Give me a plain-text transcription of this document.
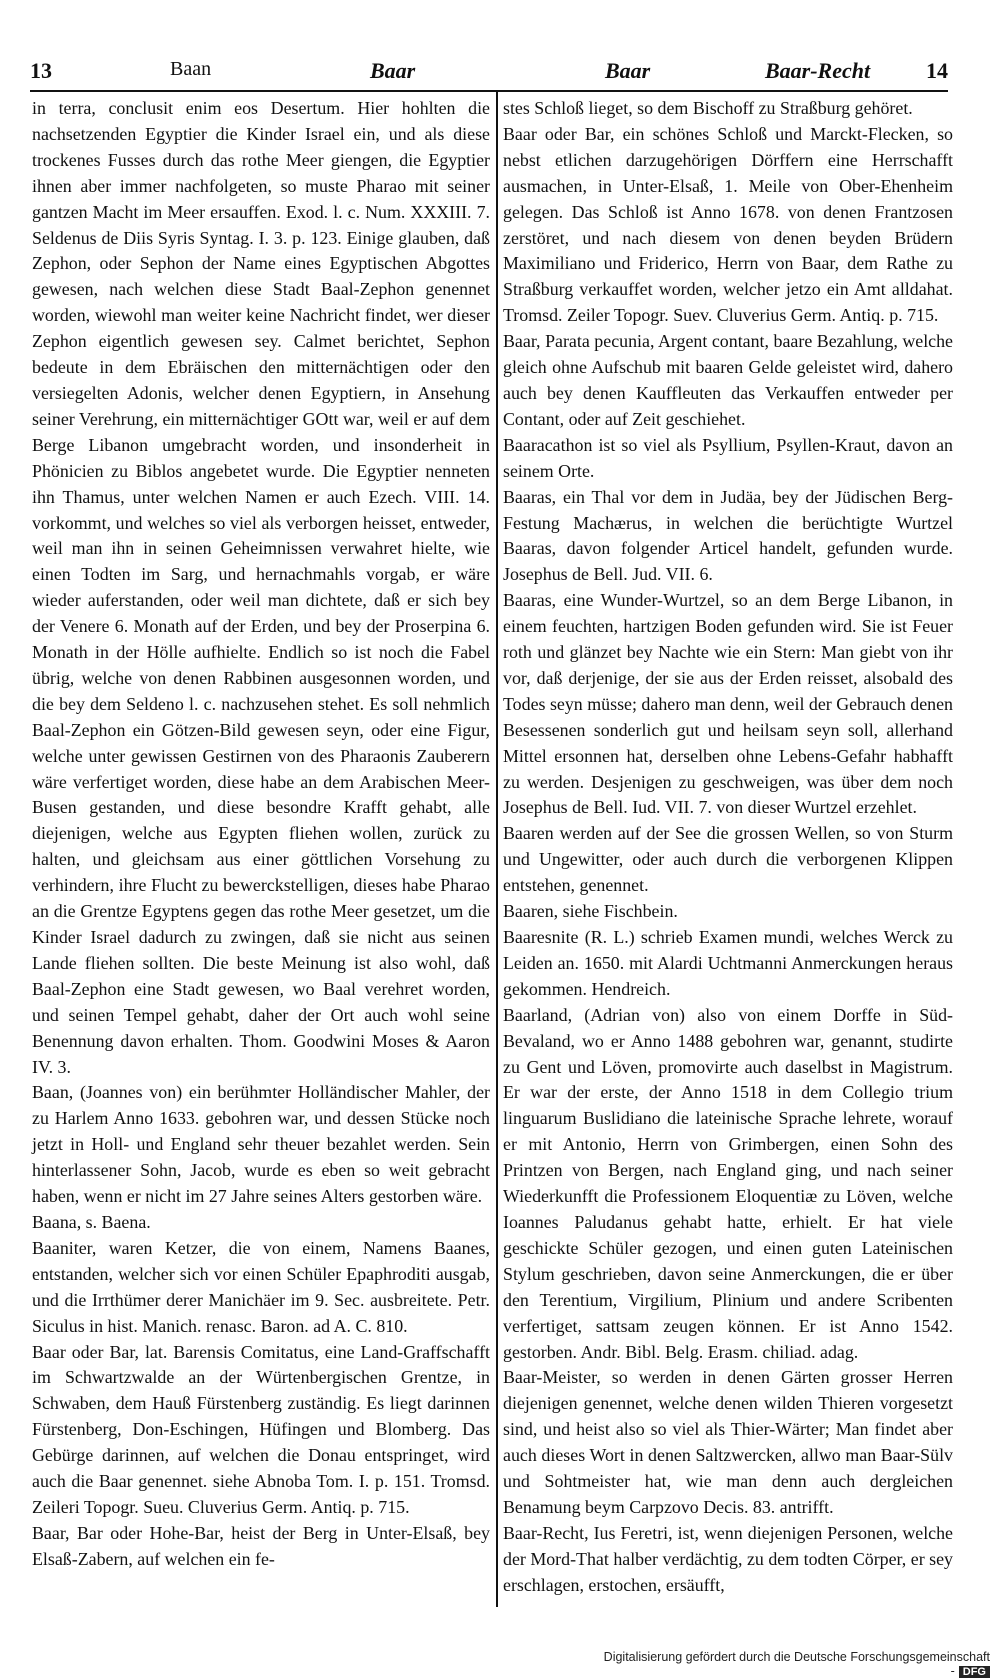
13	Baan	Baar	Baar	Baar-Recht	14

in terra, conclusit enim eos Desertum. Hier hohlten die nachsetzenden Egyptier die Kinder Israel ein, und als diese trockenes Fusses durch das rothe Meer giengen, die Egyptier ihnen aber immer nachfolgeten, so muste Pharao mit seiner gantzen Macht im Meer ersauffen. Exod. l. c. Num. XXXIII. 7. Seldenus de Diis Syris Syntag. I. 3. p. 123. Einige glauben, daß Zephon, oder Sephon der Name eines Egyptischen Abgottes gewesen, nach welchen diese Stadt Baal-Zephon genennet worden, wiewohl man weiter keine Nachricht findet, wer dieser Zephon eigentlich gewesen sey. Calmet berichtet, Sephon bedeute in dem Ebräischen den mitternächtigen oder den versiegelten Adonis, welcher denen Egyptiern, in Ansehung seiner Verehrung, ein mitternächtiger GOtt war, weil er auf dem Berge Libanon umgebracht worden, und insonderheit in Phönicien zu Biblos angebetet wurde. Die Egyptier nenneten ihn Thamus, unter welchen Namen er auch Ezech. VIII. 14. vorkommt, und welches so viel als verborgen heisset, entweder, weil man ihn in seinen Geheimnissen verwahret hielte, wie einen Todten im Sarg, und hernachmahls vorgab, er wäre wieder auferstanden, oder weil man dichtete, daß er sich bey der Venere 6. Monath auf der Erden, und bey der Proserpina 6. Monath in der Hölle aufhielte. Endlich so ist noch die Fabel übrig, welche von denen Rabbinen ausgesonnen worden, und die bey dem Seldeno l. c. nachzusehen stehet. Es soll nehmlich Baal-Zephon ein Götzen-Bild gewesen seyn, oder eine Figur, welche unter gewissen Gestirnen von des Pharaonis Zauberern wäre verfertiget worden, diese habe an dem Arabischen Meer-Busen gestanden, und diese besondre Krafft gehabt, alle diejenigen, welche aus Egypten fliehen wollen, zurück zu halten, und gleichsam aus einer göttlichen Vorsehung zu verhindern, ihre Flucht zu bewerckstelligen, dieses habe Pharao an die Grentze Egyptens gegen das rothe Meer gesetzet, um die Kinder Israel dadurch zu zwingen, daß sie nicht aus seinen Lande fliehen sollten. Die beste Meinung ist also wohl, daß Baal-Zephon eine Stadt gewesen, wo Baal verehret worden, und seinen Tempel gehabt, daher der Ort auch wohl seine Benennung davon erhalten. Thom. Goodwini Moses & Aaron IV. 3.

Baan, (Joannes von) ein berühmter Holländischer Mahler, der zu Harlem Anno 1633. gebohren war, und dessen Stücke noch jetzt in Holl- und England sehr theuer bezahlet werden. Sein hinterlassener Sohn, Jacob, wurde es eben so weit gebracht haben, wenn er nicht im 27 Jahre seines Alters gestorben wäre.

Baana, s. Baena.

Baaniter, waren Ketzer, die von einem, Namens Baanes, entstanden, welcher sich vor einen Schüler Epaphroditi ausgab, und die Irrthümer derer Manichäer im 9. Sec. ausbreitete. Petr. Siculus in hist. Manich. renasc. Baron. ad A. C. 810.

Baar oder Bar, lat. Barensis Comitatus, eine Land-Graffschafft im Schwartzwalde an der Würtenbergischen Grentze, in Schwaben, dem Hauß Fürstenberg zuständig. Es liegt darinnen Fürstenberg, Don-Eschingen, Hüfingen und Blomberg. Das Gebürge darinnen, auf welchen die Donau entspringet, wird auch die Baar genennet. siehe Abnoba Tom. I. p. 151. Tromsd. Zeileri Topogr. Sueu. Cluverius Germ. Antiq. p. 715.

Baar, Bar oder Hohe-Bar, heist der Berg in Unter-Elsaß, bey Elsaß-Zabern, auf welchen ein fe-

stes Schloß lieget, so dem Bischoff zu Straßburg gehöret.

Baar oder Bar, ein schönes Schloß und Marckt-Flecken, so nebst etlichen darzugehörigen Dörffern eine Herrschafft ausmachen, in Unter-Elsaß, 1. Meile von Ober-Ehenheim gelegen. Das Schloß ist Anno 1678. von denen Frantzosen zerstöret, und nach diesem von denen beyden Brüdern Maximiliano und Friderico, Herrn von Baar, dem Rathe zu Straßburg verkauffet worden, welcher jetzo ein Amt alldahat. Tromsd. Zeiler Topogr. Suev. Cluverius Germ. Antiq. p. 715.

Baar, Parata pecunia, Argent contant, baare Bezahlung, welche gleich ohne Aufschub mit baaren Gelde geleistet wird, dahero auch bey denen Kauffleuten das Verkauffen entweder per Contant, oder auf Zeit geschiehet.

Baaracathon ist so viel als Psyllium, Psyllen-Kraut, davon an seinem Orte.

Baaras, ein Thal vor dem in Judäa, bey der Jüdischen Berg-Festung Machærus, in welchen die berüchtigte Wurtzel Baaras, davon folgender Articel handelt, gefunden wurde. Josephus de Bell. Jud. VII. 6.

Baaras, eine Wunder-Wurtzel, so an dem Berge Libanon, in einem feuchten, hartzigen Boden gefunden wird. Sie ist Feuer roth und glänzet bey Nachte wie ein Stern: Man giebt von ihr vor, daß derjenige, der sie aus der Erden reisset, alsobald des Todes seyn müsse; dahero man denn, weil der Gebrauch denen Besessenen sonderlich gut und heilsam seyn soll, allerhand Mittel ersonnen hat, derselben ohne Lebens-Gefahr habhafft zu werden. Desjenigen zu geschweigen, was über dem noch Josephus de Bell. Iud. VII. 7. von dieser Wurtzel erzehlet.

Baaren werden auf der See die grossen Wellen, so von Sturm und Ungewitter, oder auch durch die verborgenen Klippen entstehen, genennet.

Baaren, siehe Fischbein.

Baaresnite (R. L.) schrieb Examen mundi, welches Werck zu Leiden an. 1650. mit Alardi Uchtmanni Anmerckungen heraus gekommen. Hendreich.

Baarland, (Adrian von) also von einem Dorffe in Süd-Bevaland, wo er Anno 1488 gebohren war, genannt, studirte zu Gent und Löven, promovirte auch daselbst in Magistrum. Er war der erste, der Anno 1518 in dem Collegio trium linguarum Buslidiano die lateinische Sprache lehrete, worauf er mit Antonio, Herrn von Grimbergen, einen Sohn des Printzen von Bergen, nach England ging, und nach seiner Wiederkunfft die Professionem Eloquentiæ zu Löven, welche Ioannes Paludanus gehabt hatte, erhielt. Er hat viele geschickte Schüler gezogen, und einen guten Lateinischen Stylum geschrieben, davon seine Anmerckungen, die er über den Terentium, Virgilium, Plinium und andere Scribenten verfertiget, sattsam zeugen können. Er ist Anno 1542. gestorben. Andr. Bibl. Belg. Erasm. chiliad. adag.

Baar-Meister, so werden in denen Gärten grosser Herren diejenigen genennet, welche denen wilden Thieren vorgesetzt sind, und heist also so viel als Thier-Wärter; Man findet aber auch dieses Wort in denen Saltzwercken, allwo man Baar-Sülv und Sohtmeister hat, wie man denn auch dergleichen Benamung beym Carpzovo Decis. 83. antrifft.

Baar-Recht, Ius Feretri, ist, wenn diejenigen Personen, welche der Mord-That halber verdächtig, zu dem todten Cörper, er sey erschlagen, erstochen, ersäufft,

Digitalisierung gefördert durch die Deutsche Forschungsgemeinschaft - DFG
